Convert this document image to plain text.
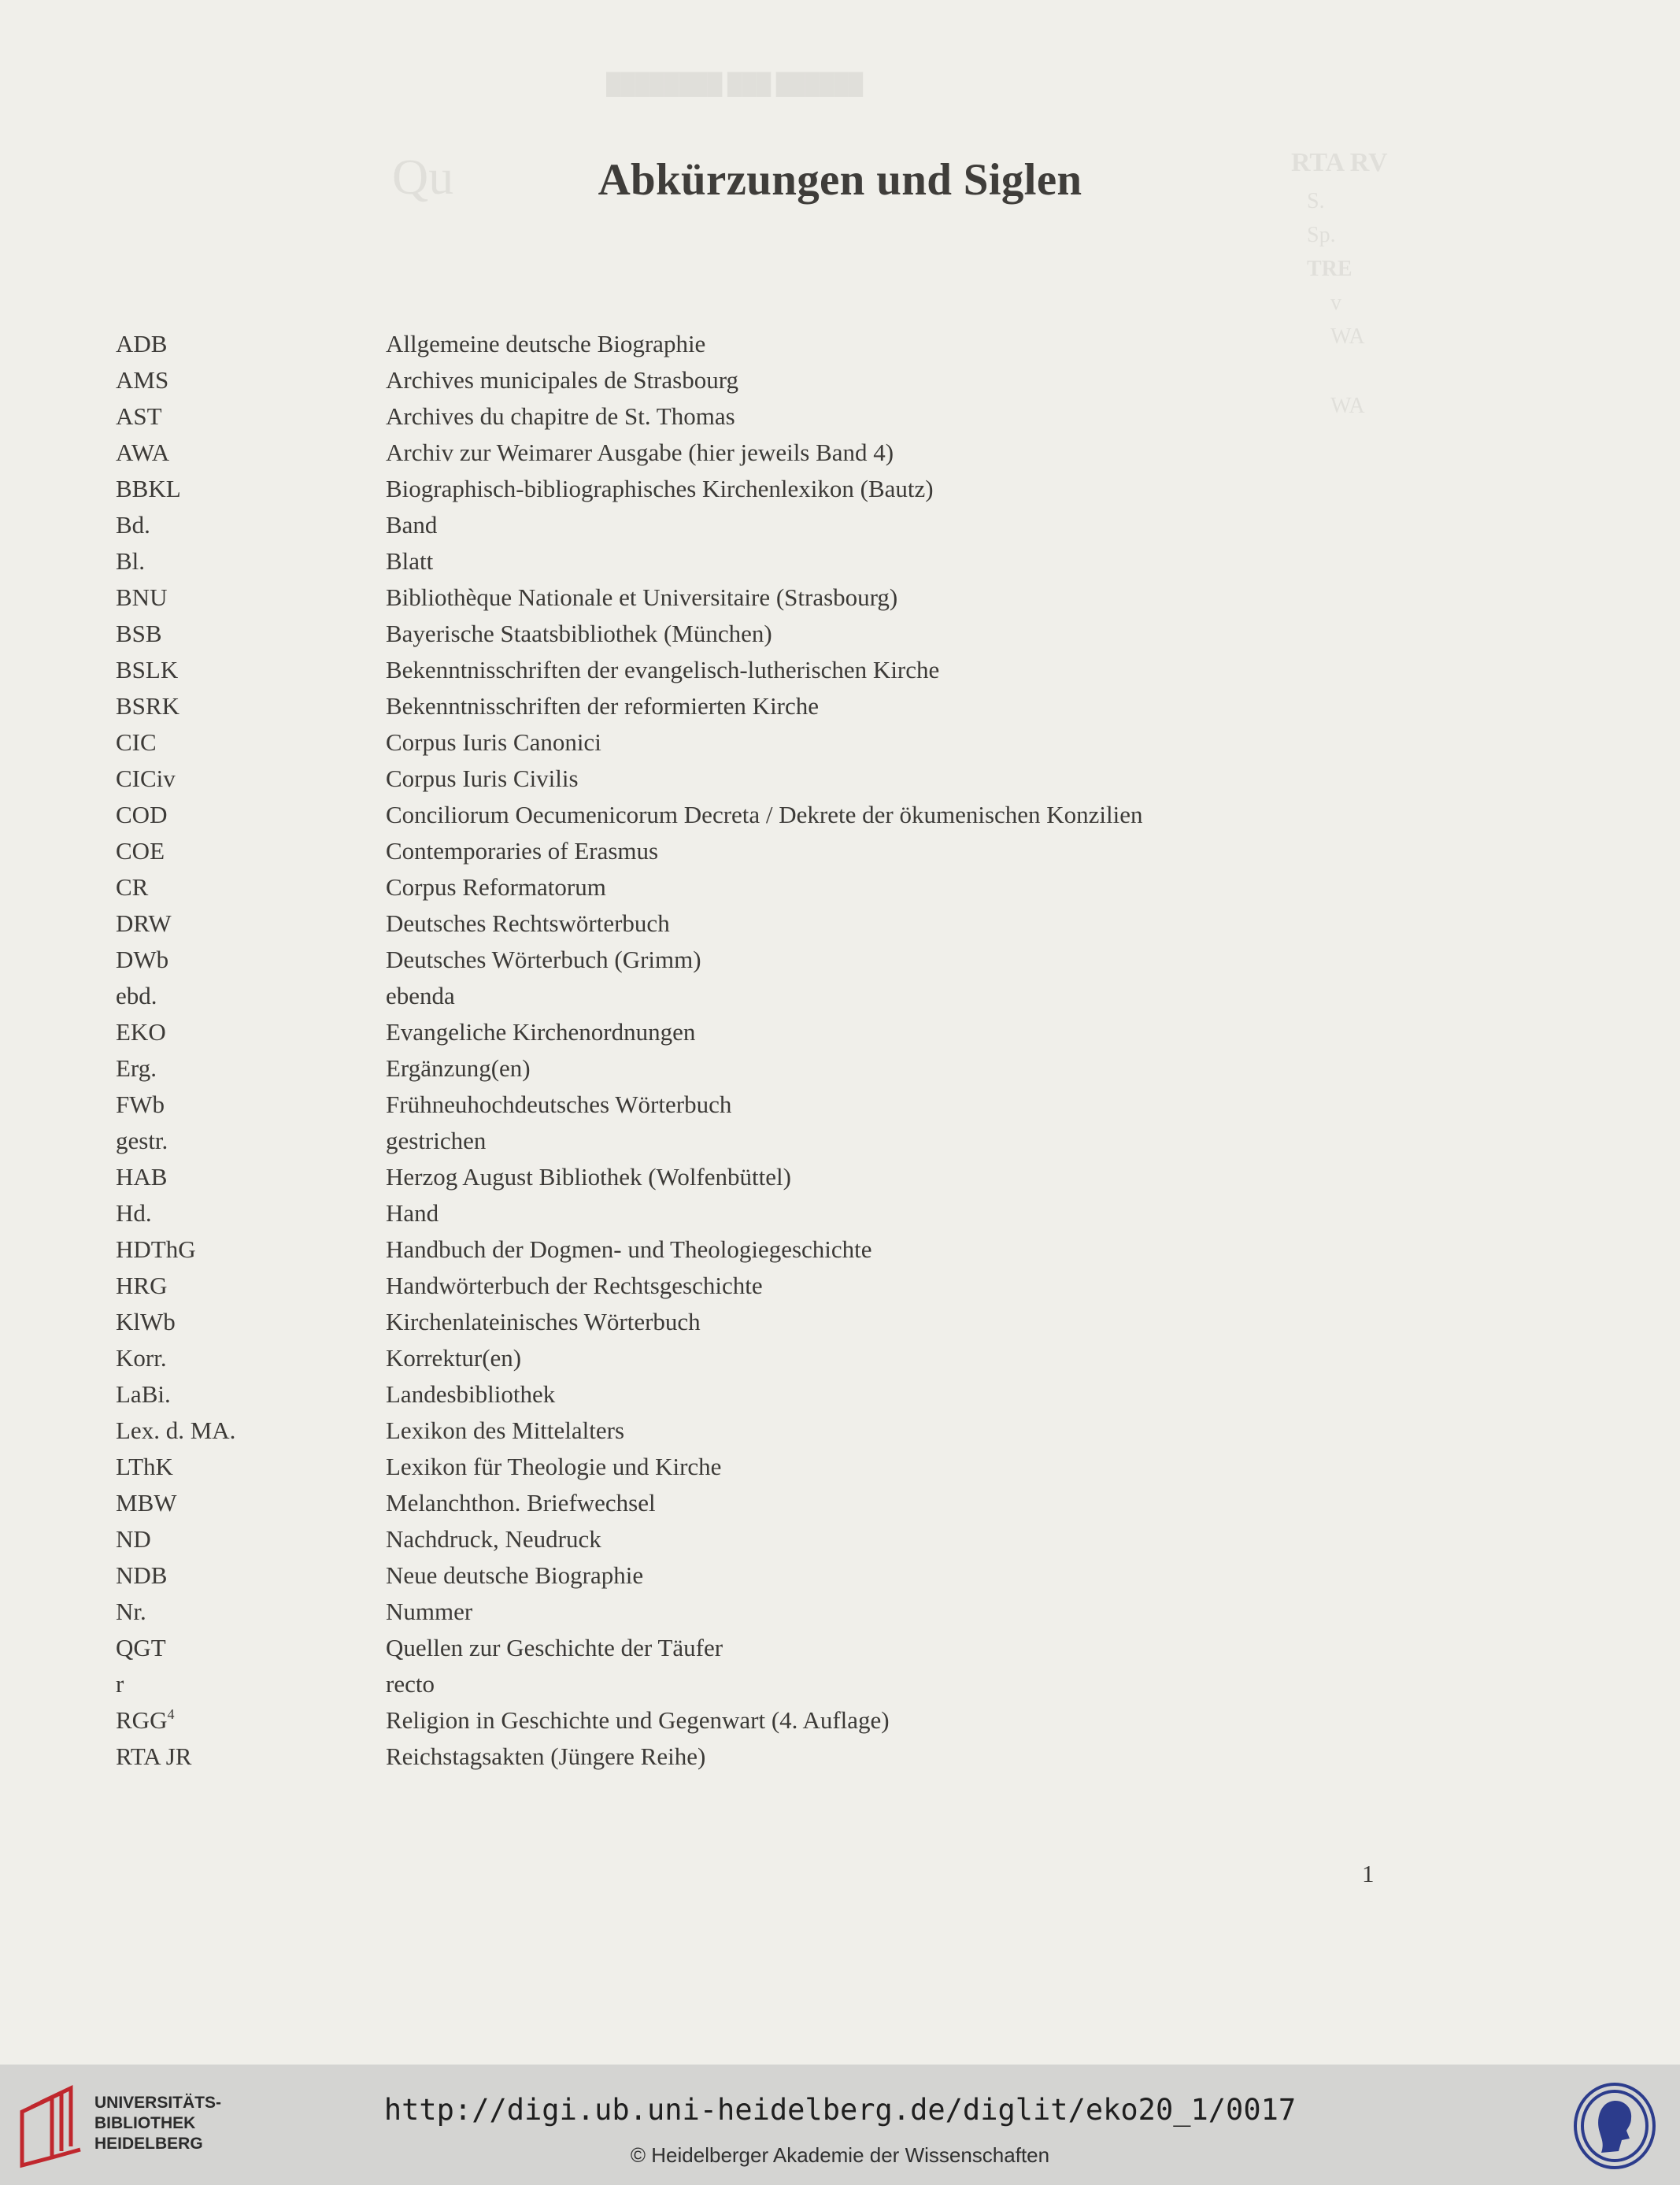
████████ ███ ██████
Qu	RTA RV
S.
Sp.
TRE
v
WA
WA
Abkürzungen und Siglen
ADB	Allgemeine deutsche Biographie
AMS	Archives municipales de Strasbourg
AST	Archives du chapitre de St. Thomas
AWA	Archiv zur Weimarer Ausgabe (hier jeweils Band 4)
BBKL	Biographisch-bibliographisches Kirchenlexikon (Bautz)
Bd.	Band
Bl.	Blatt
BNU	Bibliothèque Nationale et Universitaire (Strasbourg)
BSB	Bayerische Staatsbibliothek (München)
BSLK	Bekenntnisschriften der evangelisch-lutherischen Kirche
BSRK	Bekenntnisschriften der reformierten Kirche
CIC	Corpus Iuris Canonici
CICiv	Corpus Iuris Civilis
COD	Conciliorum Oecumenicorum Decreta / Dekrete der ökumenischen Konzilien
COE	Contemporaries of Erasmus
CR	Corpus Reformatorum
DRW	Deutsches Rechtswörterbuch
DWb	Deutsches Wörterbuch (Grimm)
ebd.	ebenda
EKO	Evangeliche Kirchenordnungen
Erg.	Ergänzung(en)
FWb	Frühneuhochdeutsches Wörterbuch
gestr.	gestrichen
HAB	Herzog August Bibliothek (Wolfenbüttel)
Hd.	Hand
HDThG	Handbuch der Dogmen- und Theologiegeschichte
HRG	Handwörterbuch der Rechtsgeschichte
KlWb	Kirchenlateinisches Wörterbuch
Korr.	Korrektur(en)
LaBi.	Landesbibliothek
Lex. d. MA.	Lexikon des Mittelalters
LThK	Lexikon für Theologie und Kirche
MBW	Melanchthon. Briefwechsel
ND	Nachdruck, Neudruck
NDB	Neue deutsche Biographie
Nr.	Nummer
QGT	Quellen zur Geschichte der Täufer
r	recto
RGG$^4$	Religion in Geschichte und Gegenwart (4. Auflage)
RTA JR	Reichstagsakten (Jüngere Reihe)
1
UNIVERSITÄTS-
BIBLIOTHEK
HEIDELBERG
http://digi.ub.uni-heidelberg.de/diglit/eko20_1/0017
© Heidelberger Akademie der Wissenschaften
